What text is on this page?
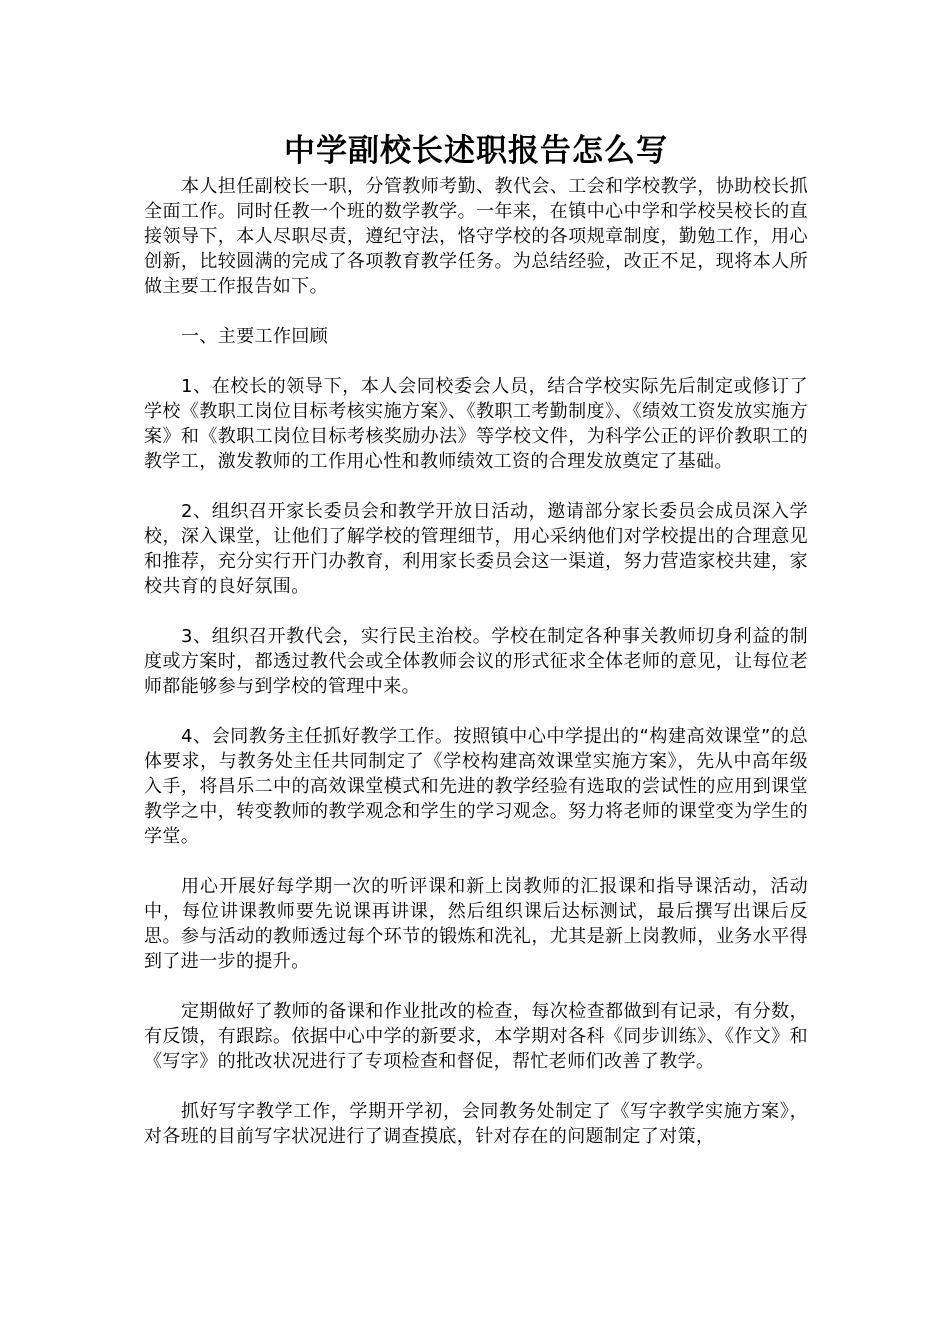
中学副校长述职报告怎么写

本人担任副校长一职，分管教师考勤、教代会、工会和学校教学，协助校长抓全面工作。同时任教一个班的数学教学。一年来，在镇中心中学和学校吴校长的直接领导下，本人尽职尽责，遵纪守法，恪守学校的各项规章制度，勤勉工作，用心创新，比较圆满的完成了各项教育教学任务。为总结经验，改正不足，现将本人所做主要工作报告如下。

一、主要工作回顾

1、在校长的领导下，本人会同校委会人员，结合学校实际先后制定或修订了学校《教职工岗位目标考核实施方案》、《教职工考勤制度》、《绩效工资发放实施方案》和《教职工岗位目标考核奖励办法》等学校文件，为科学公正的评价教职工的教学工，激发教师的工作用心性和教师绩效工资的合理发放奠定了基础。

2、组织召开家长委员会和教学开放日活动，邀请部分家长委员会成员深入学校，深入课堂，让他们了解学校的管理细节，用心采纳他们对学校提出的合理意见和推荐，充分实行开门办教育，利用家长委员会这一渠道，努力营造家校共建，家校共育的良好氛围。

3、组织召开教代会，实行民主治校。学校在制定各种事关教师切身利益的制度或方案时，都透过教代会或全体教师会议的形式征求全体老师的意见，让每位老师都能够参与到学校的管理中来。

4、会同教务主任抓好教学工作。按照镇中心中学提出的“构建高效课堂”的总体要求，与教务处主任共同制定了《学校构建高效课堂实施方案》，先从中高年级入手，将昌乐二中的高效课堂模式和先进的教学经验有选取的尝试性的应用到课堂教学之中，转变教师的教学观念和学生的学习观念。努力将老师的课堂变为学生的学堂。

用心开展好每学期一次的听评课和新上岗教师的汇报课和指导课活动，活动中，每位讲课教师要先说课再讲课，然后组织课后达标测试，最后撰写出课后反思。参与活动的教师透过每个环节的锻炼和洗礼，尤其是新上岗教师，业务水平得到了进一步的提升。

定期做好了教师的备课和作业批改的检查，每次检查都做到有记录，有分数，有反馈，有跟踪。依据中心中学的新要求，本学期对各科《同步训练》、《作文》和《写字》的批改状况进行了专项检查和督促，帮忙老师们改善了教学。

抓好写字教学工作，学期开学初，会同教务处制定了《写字教学实施方案》，对各班的目前写字状况进行了调查摸底，针对存在的问题制定了对策，
